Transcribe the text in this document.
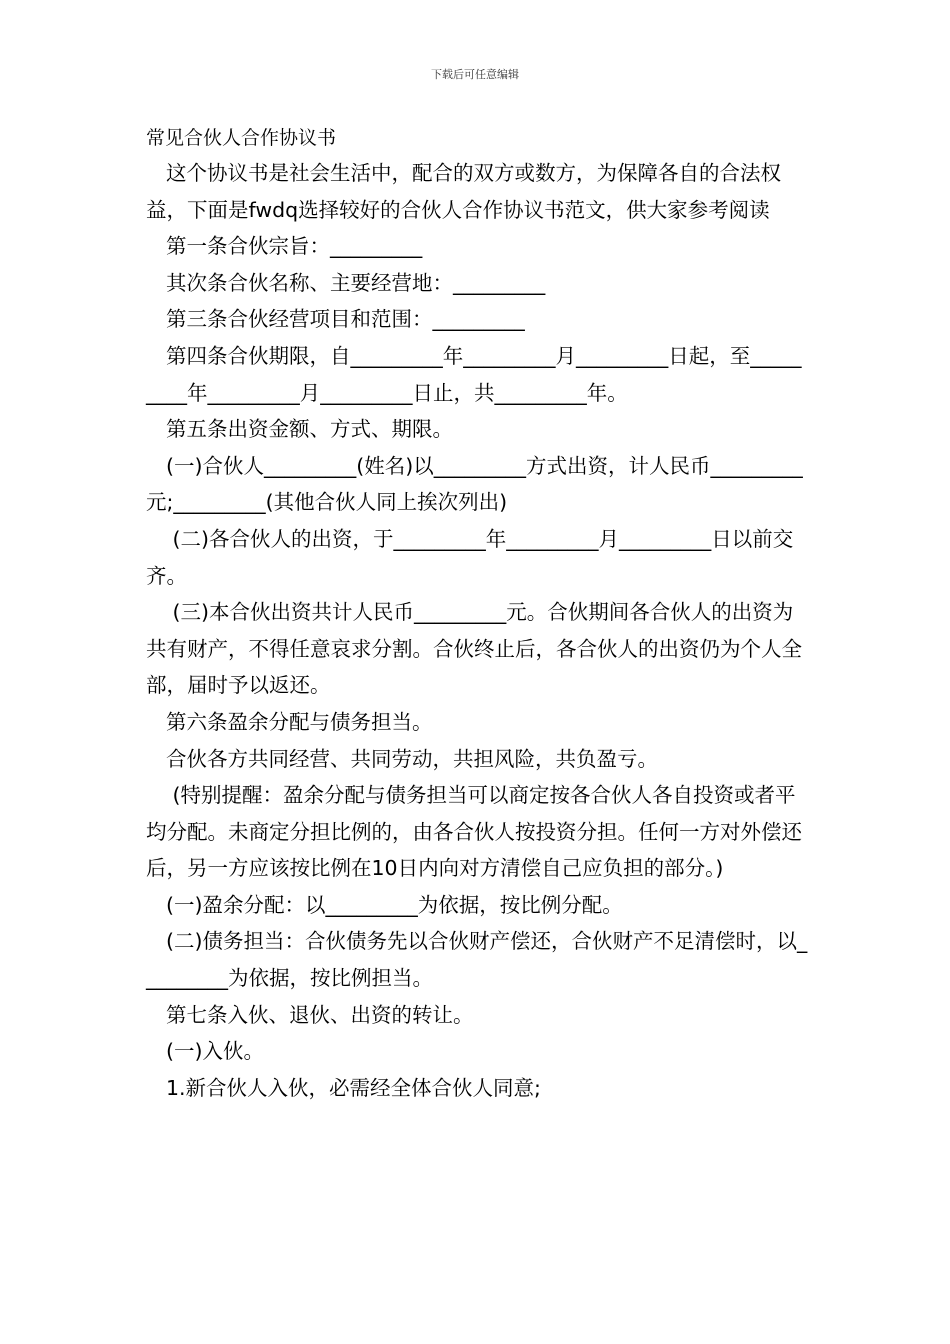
下载后可任意编辑
常见合伙人合作协议书

这个协议书是社会生活中，配合的双方或数方，为保障各自的合法权益，下面是fwdq选择较好的合伙人合作协议书范文，供大家参考阅读

第一条合伙宗旨：_________

其次条合伙名称、主要经营地：_________

第三条合伙经营项目和范围：_________

第四条合伙期限，自_________年_________月_________日起，至_________年_________月_________日止，共_________年。

第五条出资金额、方式、期限。

(一)合伙人_________(姓名)以_________方式出资，计人民币_________元;_________(其他合伙人同上挨次列出)

(二)各合伙人的出资，于_________年_________月_________日以前交齐。

(三)本合伙出资共计人民币_________元。合伙期间各合伙人的出资为共有财产，不得任意哀求分割。合伙终止后，各合伙人的出资仍为个人全部，届时予以返还。

第六条盈余分配与债务担当。

合伙各方共同经营、共同劳动，共担风险，共负盈亏。

(特别提醒：盈余分配与债务担当可以商定按各合伙人各自投资或者平均分配。未商定分担比例的，由各合伙人按投资分担。任何一方对外偿还后，另一方应该按比例在10日内向对方清偿自己应负担的部分。)

(一)盈余分配：以_________为依据，按比例分配。

(二)债务担当：合伙债务先以合伙财产偿还，合伙财产不足清偿时，以_________为依据，按比例担当。

第七条入伙、退伙、出资的转让。

(一)入伙。

1.新合伙人入伙，必需经全体合伙人同意;
